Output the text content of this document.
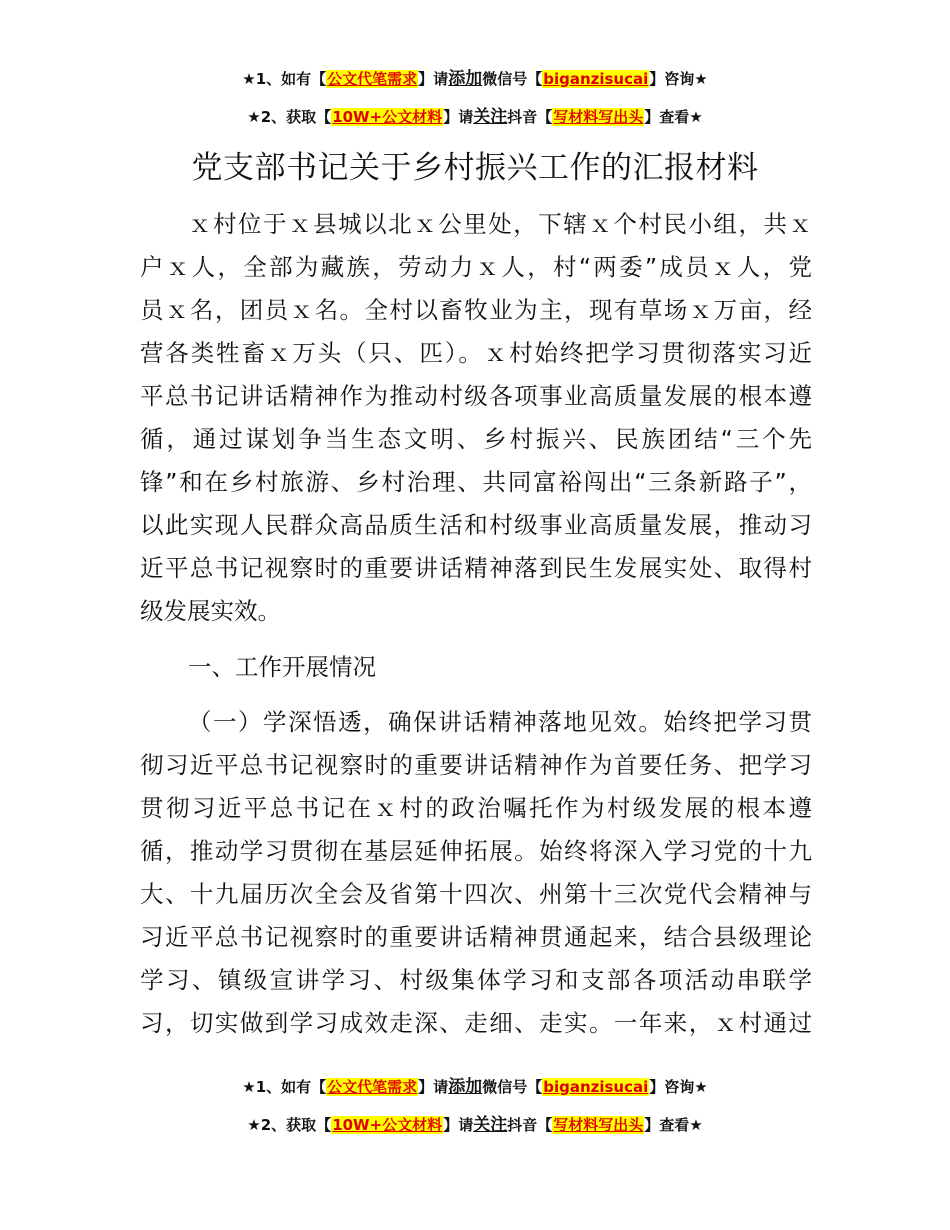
★1、如有【公文代笔需求】请添加微信号【biganzisucai】咨询★
★2、获取【10W+公文材料】请关注抖音【写材料写出头】查看★
党支部书记关于乡村振兴工作的汇报材料
ｘ村位于ｘ县城以北ｘ公里处，下辖ｘ个村民小组，共ｘ
户ｘ人，全部为藏族，劳动力ｘ人，村“两委”成员ｘ人，党
员ｘ名，团员ｘ名。全村以畜牧业为主，现有草场ｘ万亩，经
营各类牲畜ｘ万头（只、匹）。ｘ村始终把学习贯彻落实习近
平总书记讲话精神作为推动村级各项事业高质量发展的根本遵
循，通过谋划争当生态文明、乡村振兴、民族团结“三个先
锋”和在乡村旅游、乡村治理、共同富裕闯出“三条新路子”，
以此实现人民群众高品质生活和村级事业高质量发展，推动习
近平总书记视察时的重要讲话精神落到民生发展实处、取得村
级发展实效。
一、工作开展情况
（一）学深悟透，确保讲话精神落地见效。始终把学习贯
彻习近平总书记视察时的重要讲话精神作为首要任务、把学习
贯彻习近平总书记在ｘ村的政治嘱托作为村级发展的根本遵
循，推动学习贯彻在基层延伸拓展。始终将深入学习党的十九
大、十九届历次全会及省第十四次、州第十三次党代会精神与
习近平总书记视察时的重要讲话精神贯通起来，结合县级理论
学习、镇级宣讲学习、村级集体学习和支部各项活动串联学
习，切实做到学习成效走深、走细、走实。一年来，ｘ村通过
★1、如有【公文代笔需求】请添加微信号【biganzisucai】咨询★
★2、获取【10W+公文材料】请关注抖音【写材料写出头】查看★
